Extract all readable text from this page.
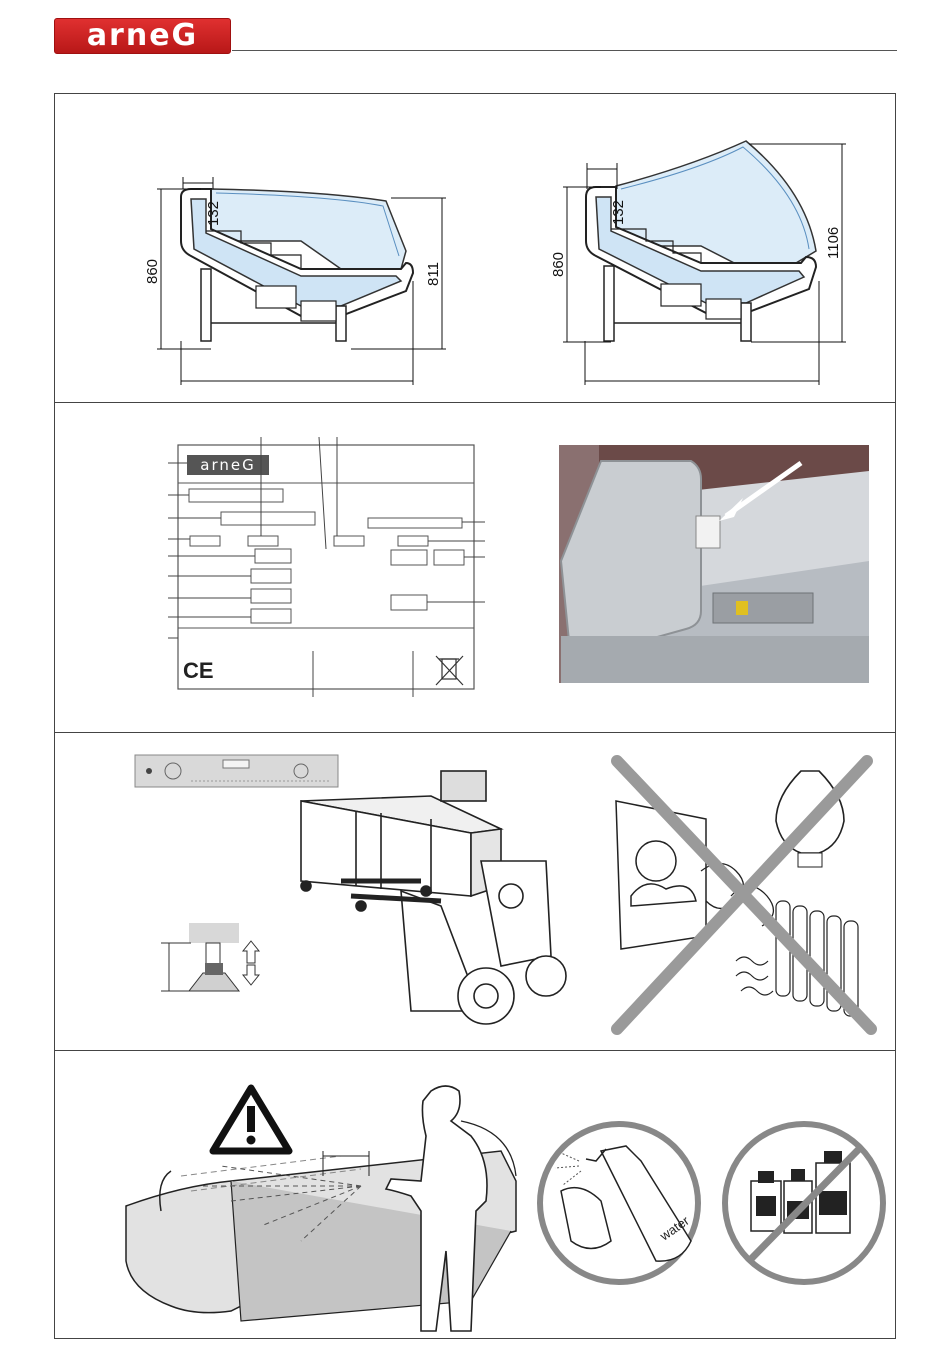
arneG
132
860	811
132
860
1106
arneG
CE
water
